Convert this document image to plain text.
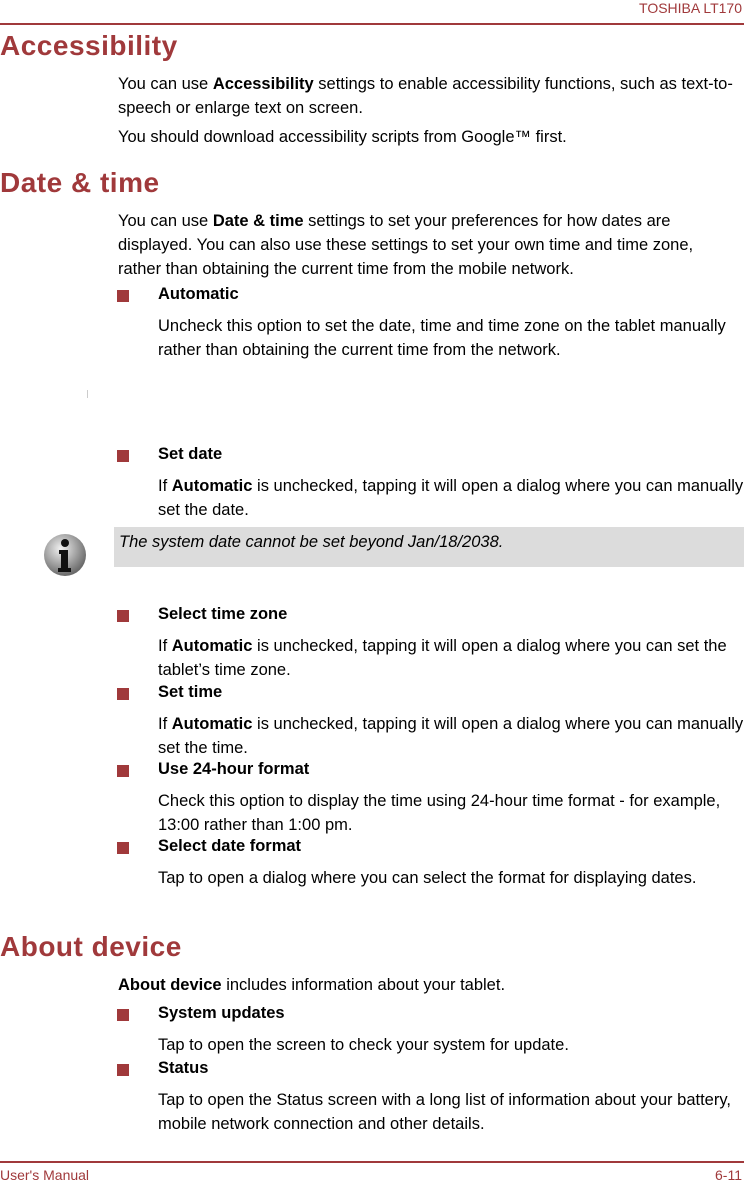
TOSHIBA LT170
Accessibility
You can use Accessibility settings to enable accessibility functions, such as text-to-speech or enlarge text on screen.
You should download accessibility scripts from Google™ first.
Date & time
You can use Date & time settings to set your preferences for how dates are displayed. You can also use these settings to set your own time and time zone, rather than obtaining the current time from the mobile network.
Automatic
Uncheck this option to set the date, time and time zone on the tablet manually rather than obtaining the current time from the network.
Set date
If Automatic is unchecked, tapping it will open a dialog where you can manually set the date.
The system date cannot be set beyond Jan/18/2038.
Select time zone
If Automatic is unchecked, tapping it will open a dialog where you can set the tablet’s time zone.
Set time
If Automatic is unchecked, tapping it will open a dialog where you can manually set the time.
Use 24-hour format
Check this option to display the time using 24-hour time format - for example, 13:00 rather than 1:00 pm.
Select date format
Tap to open a dialog where you can select the format for displaying dates.
About device
About device includes information about your tablet.
System updates
Tap to open the screen to check your system for update.
Status
Tap to open the Status screen with a long list of information about your battery, mobile network connection and other details.
User's Manual	6-11
